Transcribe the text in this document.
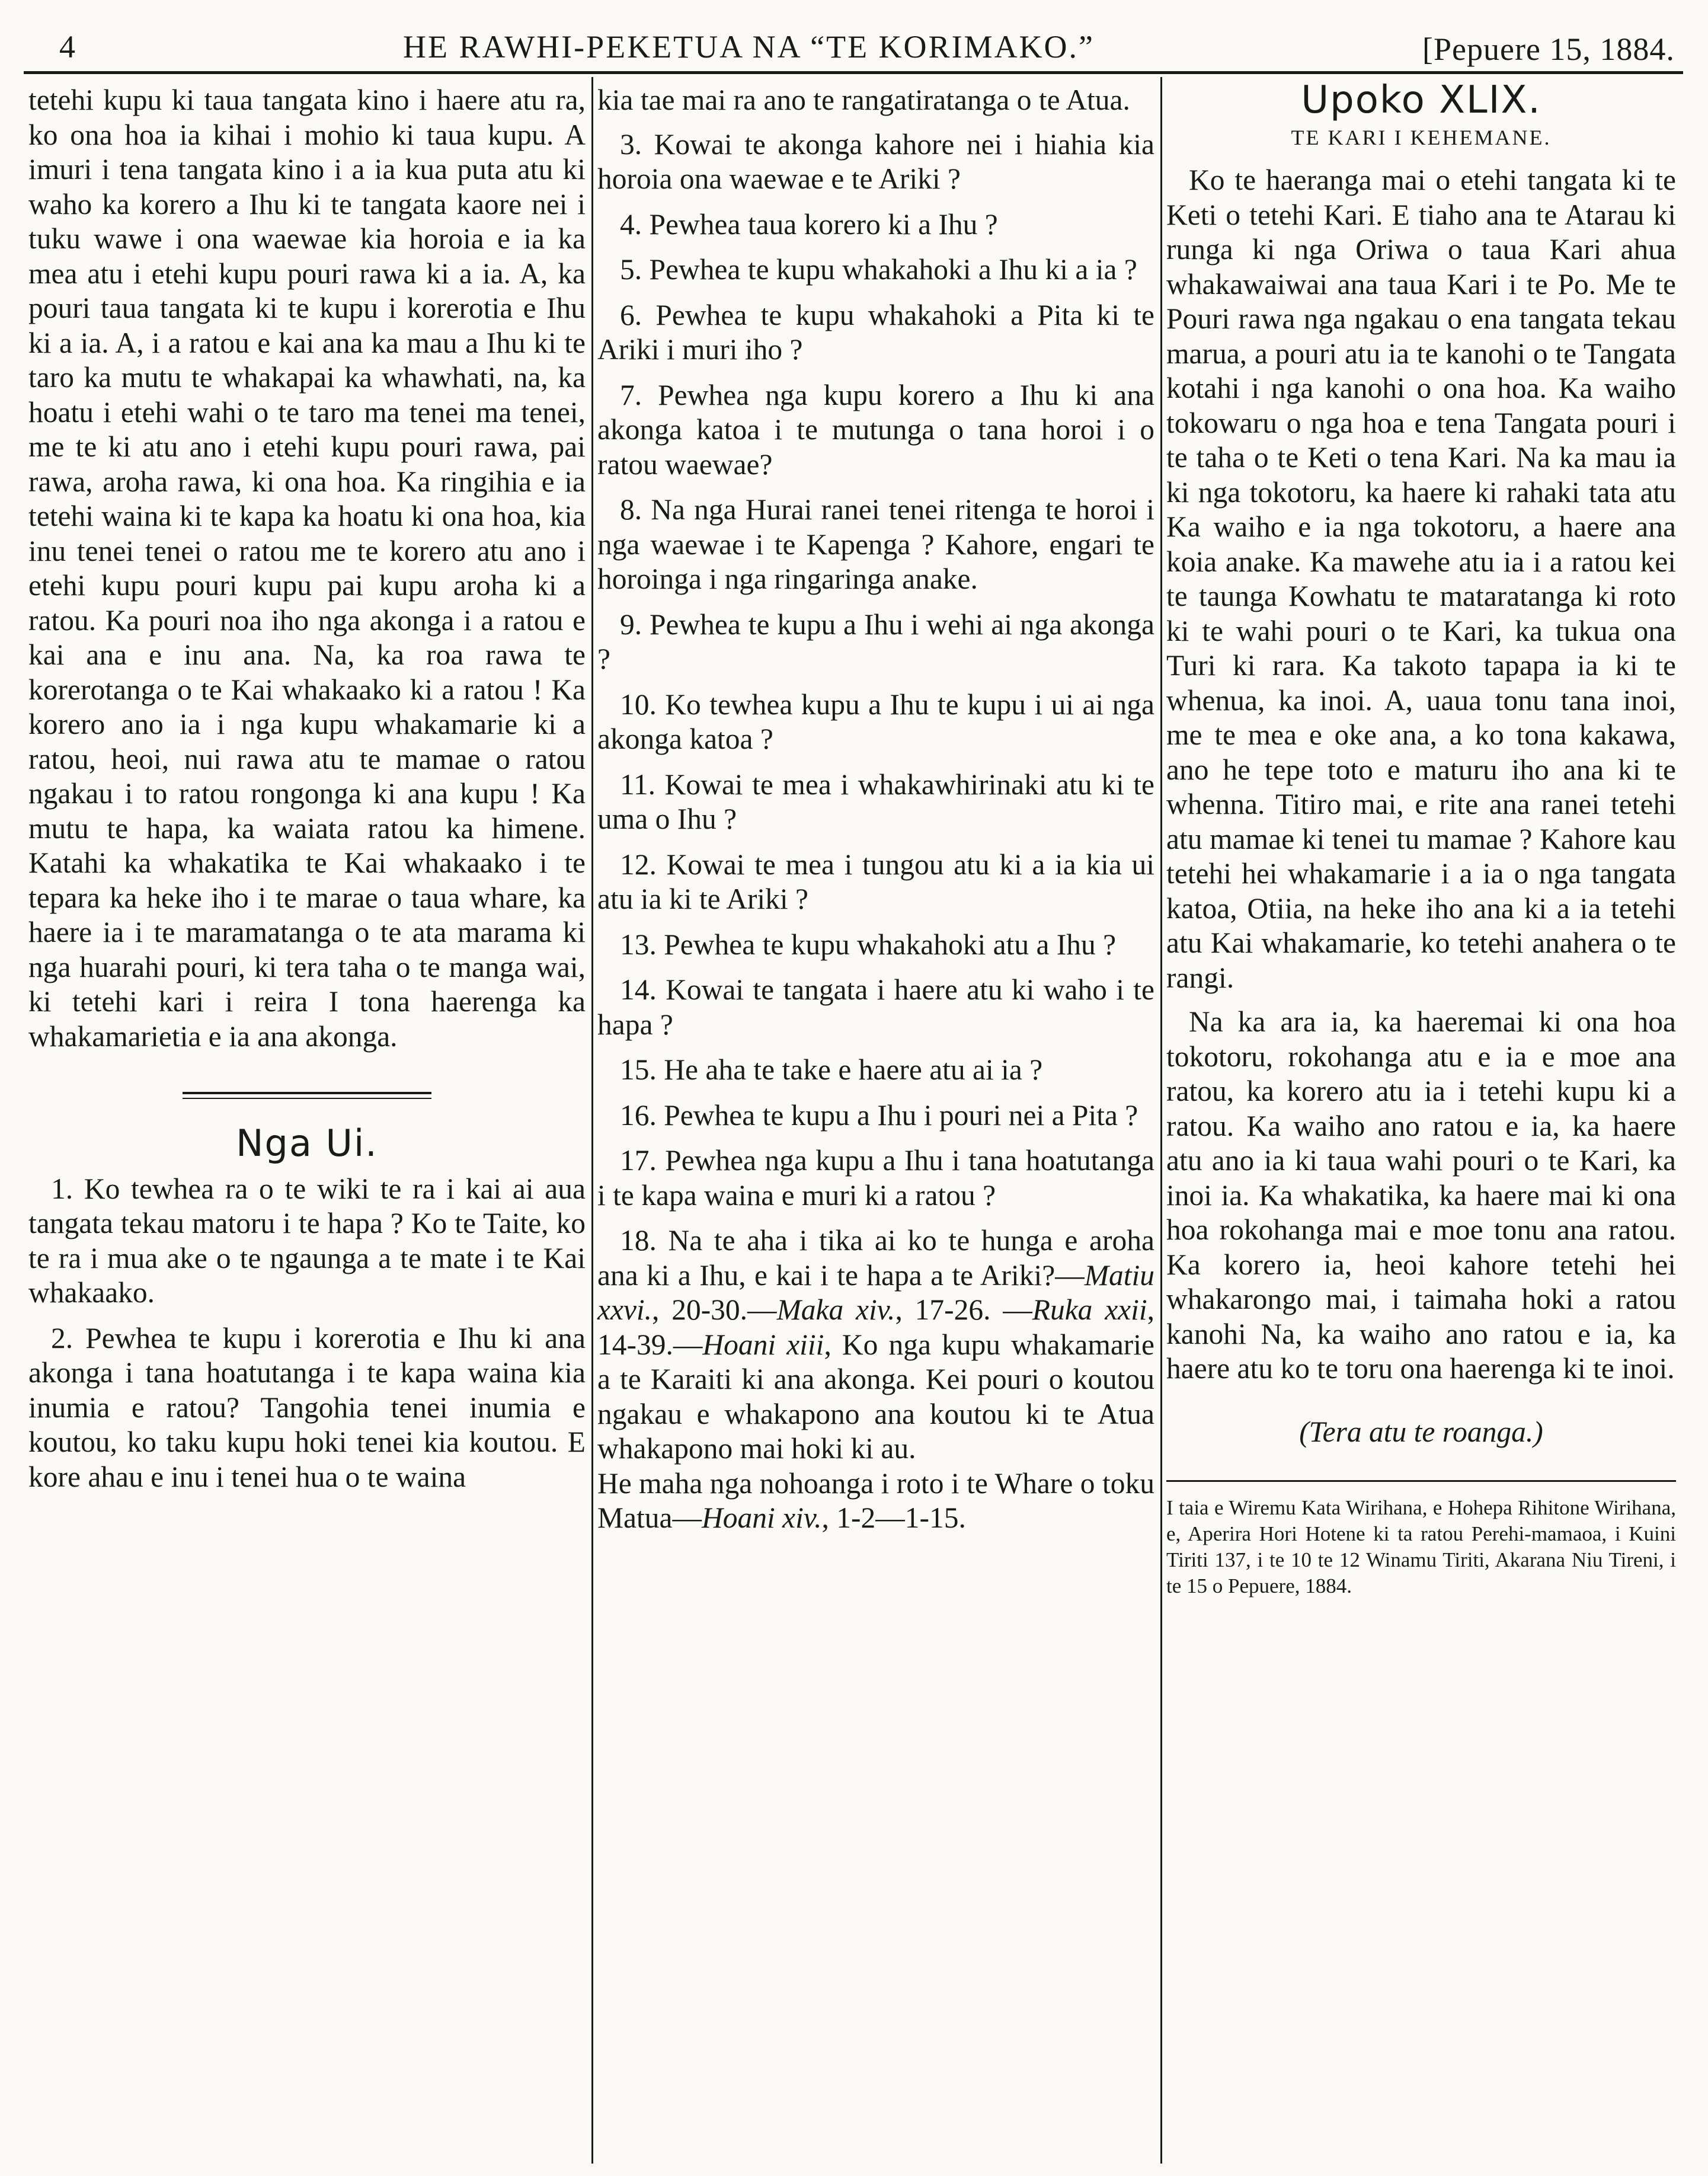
4	HE RAWHI-PEKETUA NA “TE KORIMAKO.”	[Pepuere 15, 1884.

tetehi kupu ki taua tangata kino i haere atu ra, ko ona hoa ia kihai i mohio ki taua kupu. A imuri i tena tangata kino i a ia kua puta atu ki waho ka korero a Ihu ki te tangata kaore nei i tuku wawe i ona waewae kia horoia e ia ka mea atu i etehi kupu pouri rawa ki a ia. A, ka pouri taua tangata ki te kupu i korerotia e Ihu ki a ia. A, i a ratou e kai ana ka mau a Ihu ki te taro ka mutu te whakapai ka whawhati, na, ka hoatu i etehi wahi o te taro ma tenei ma tenei, me te ki atu ano i etehi kupu pouri rawa, pai rawa, aroha rawa, ki ona hoa. Ka ringihia e ia tetehi waina ki te kapa ka hoatu ki ona hoa, kia inu tenei tenei o ratou me te korero atu ano i etehi kupu pouri kupu pai kupu aroha ki a ratou. Ka pouri noa iho nga akonga i a ratou e kai ana e inu ana. Na, ka roa rawa te korerotanga o te Kai whakaako ki a ratou ! Ka korero ano ia i nga kupu whakamarie ki a ratou, heoi, nui rawa atu te mamae o ratou ngakau i to ratou rongonga ki ana kupu ! Ka mutu te hapa, ka waiata ratou ka himene. Katahi ka whakatika te Kai whakaako i te tepara ka heke iho i te marae o taua whare, ka haere ia i te maramatanga o te ata marama ki nga huarahi pouri, ki tera taha o te manga wai, ki tetehi kari i reira I tona haerenga ka whakamarietia e ia ana akonga.

Nga Ui.

1. Ko tewhea ra o te wiki te ra i kai ai aua tangata tekau matoru i te hapa ? Ko te Taite, ko te ra i mua ake o te ngaunga a te mate i te Kai whakaako.

2. Pewhea te kupu i korerotia e Ihu ki ana akonga i tana hoatutanga i te kapa waina kia inumia e ratou? Tangohia tenei inumia e koutou, ko taku kupu hoki tenei kia koutou. E kore ahau e inu i tenei hua o te waina

kia tae mai ra ano te rangatiratanga o te Atua.

3. Kowai te akonga kahore nei i hiahia kia horoia ona waewae e te Ariki ?

4. Pewhea taua korero ki a Ihu ?

5. Pewhea te kupu whakahoki a Ihu ki a ia ?

6. Pewhea te kupu whakahoki a Pita ki te Ariki i muri iho ?

7. Pewhea nga kupu korero a Ihu ki ana akonga katoa i te mutunga o tana horoi i o ratou waewae?

8. Na nga Hurai ranei tenei ritenga te horoi i nga waewae i te Kapenga ? Kahore, engari te horoinga i nga ringaringa anake.

9. Pewhea te kupu a Ihu i wehi ai nga akonga ?

10. Ko tewhea kupu a Ihu te kupu i ui ai nga akonga katoa ?

11. Kowai te mea i whakawhirinaki atu ki te uma o Ihu ?

12. Kowai te mea i tungou atu ki a ia kia ui atu ia ki te Ariki ?

13. Pewhea te kupu whakahoki atu a Ihu ?

14. Kowai te tangata i haere atu ki waho i te hapa ?

15. He aha te take e haere atu ai ia ?

16. Pewhea te kupu a Ihu i pouri nei a Pita ?

17. Pewhea nga kupu a Ihu i tana hoatutanga i te kapa waina e muri ki a ratou ?

18. Na te aha i tika ai ko te hunga e aroha ana ki a Ihu, e kai i te hapa a te Ariki?—Matiu xxvi., 20-30.—Maka xiv., 17-26. —Ruka xxii, 14-39.—Hoani xiii, Ko nga kupu whakamarie a te Karaiti ki ana akonga. Kei pouri o koutou ngakau e whakapono ana koutou ki te Atua whakapono mai hoki ki au.

He maha nga nohoanga i roto i te Whare o toku Matua—Hoani xiv., 1-2—1-15.

Upoko XLIX.
TE KARI I KEHEMANE.

Ko te haeranga mai o etehi tangata ki te Keti o tetehi Kari. E tiaho ana te Atarau ki runga ki nga Oriwa o taua Kari ahua whakawaiwai ana taua Kari i te Po. Me te Pouri rawa nga ngakau o ena tangata tekau marua, a pouri atu ia te kanohi o te Tangata kotahi i nga kanohi o ona hoa. Ka waiho tokowaru o nga hoa e tena Tangata pouri i te taha o te Keti o tena Kari. Na ka mau ia ki nga tokotoru, ka haere ki rahaki tata atu Ka waiho e ia nga tokotoru, a haere ana koia anake. Ka mawehe atu ia i a ratou kei te taunga Kowhatu te mataratanga ki roto ki te wahi pouri o te Kari, ka tukua ona Turi ki rara. Ka takoto tapapa ia ki te whenua, ka inoi. A, uaua tonu tana inoi, me te mea e oke ana, a ko tona kakawa, ano he tepe toto e maturu iho ana ki te whenna. Titiro mai, e rite ana ranei tetehi atu mamae ki tenei tu mamae ? Kahore kau tetehi hei whakamarie i a ia o nga tangata katoa, Otiia, na heke iho ana ki a ia tetehi atu Kai whakamarie, ko tetehi anahera o te rangi.

Na ka ara ia, ka haeremai ki ona hoa tokotoru, rokohanga atu e ia e moe ana ratou, ka korero atu ia i tetehi kupu ki a ratou. Ka waiho ano ratou e ia, ka haere atu ano ia ki taua wahi pouri o te Kari, ka inoi ia. Ka whakatika, ka haere mai ki ona hoa rokohanga mai e moe tonu ana ratou. Ka korero ia, heoi kahore tetehi hei whakarongo mai, i taimaha hoki a ratou kanohi Na, ka waiho ano ratou e ia, ka haere atu ko te toru ona haerenga ki te inoi.

(Tera atu te roanga.)
I taia e Wiremu Kata Wirihana, e Hohepa Rihitone Wirihana, e, Aperira Hori Hotene ki ta ratou Perehi-mamaoa, i Kuini Tiriti 137, i te 10 te 12 Winamu Tiriti, Akarana Niu Tireni, i te 15 o Pepuere, 1884.
